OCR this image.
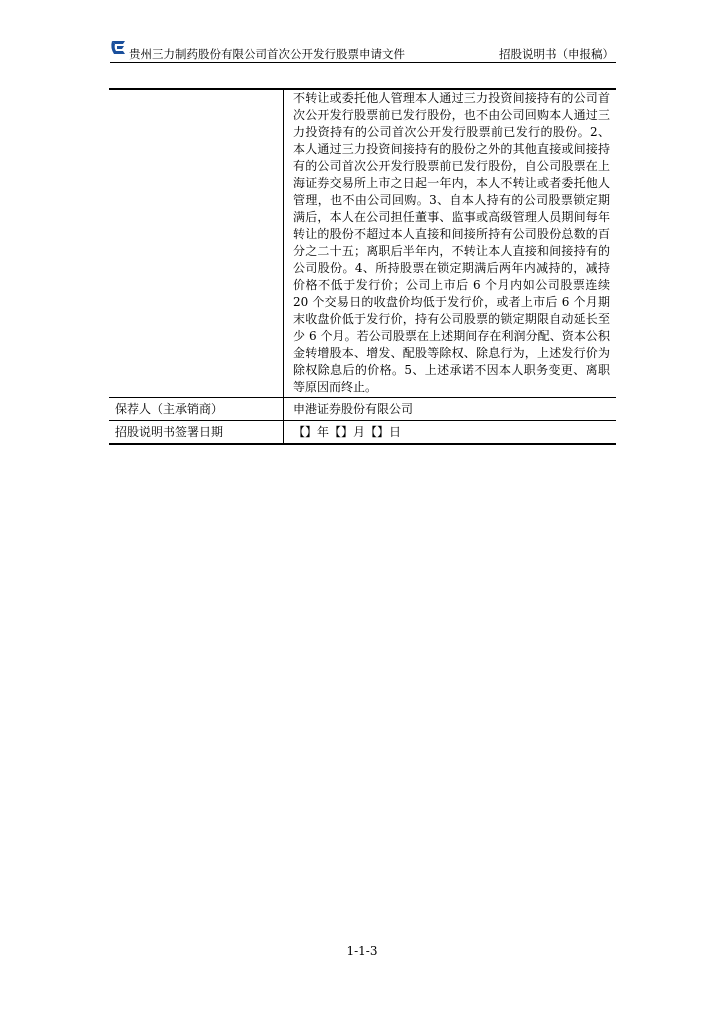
贵州三力制药股份有限公司首次公开发行股票申请文件	招股说明书（申报稿）
	不转让或委托他人管理本人通过三力投资间接持有的公司首次公开发行股票前已发行股份，也不由公司回购本人通过三力投资持有的公司首次公开发行股票前已发行的股份。2、本人通过三力投资间接持有的股份之外的其他直接或间接持有的公司首次公开发行股票前已发行股份，自公司股票在上海证券交易所上市之日起一年内，本人不转让或者委托他人管理，也不由公司回购。3、自本人持有的公司股票锁定期满后，本人在公司担任董事、监事或高级管理人员期间每年转让的股份不超过本人直接和间接所持有公司股份总数的百分之二十五；离职后半年内，不转让本人直接和间接持有的公司股份。4、所持股票在锁定期满后两年内减持的，减持价格不低于发行价；公司上市后 6 个月内如公司股票连续 20 个交易日的收盘价均低于发行价，或者上市后 6 个月期末收盘价低于发行价，持有公司股票的锁定期限自动延长至少 6 个月。若公司股票在上述期间存在利润分配、资本公积金转增股本、增发、配股等除权、除息行为，上述发行价为除权除息后的价格。5、上述承诺不因本人职务变更、离职等原因而终止。
保荐人（主承销商）	申港证券股份有限公司
招股说明书签署日期	【】年【】月【】日
1-1-3
